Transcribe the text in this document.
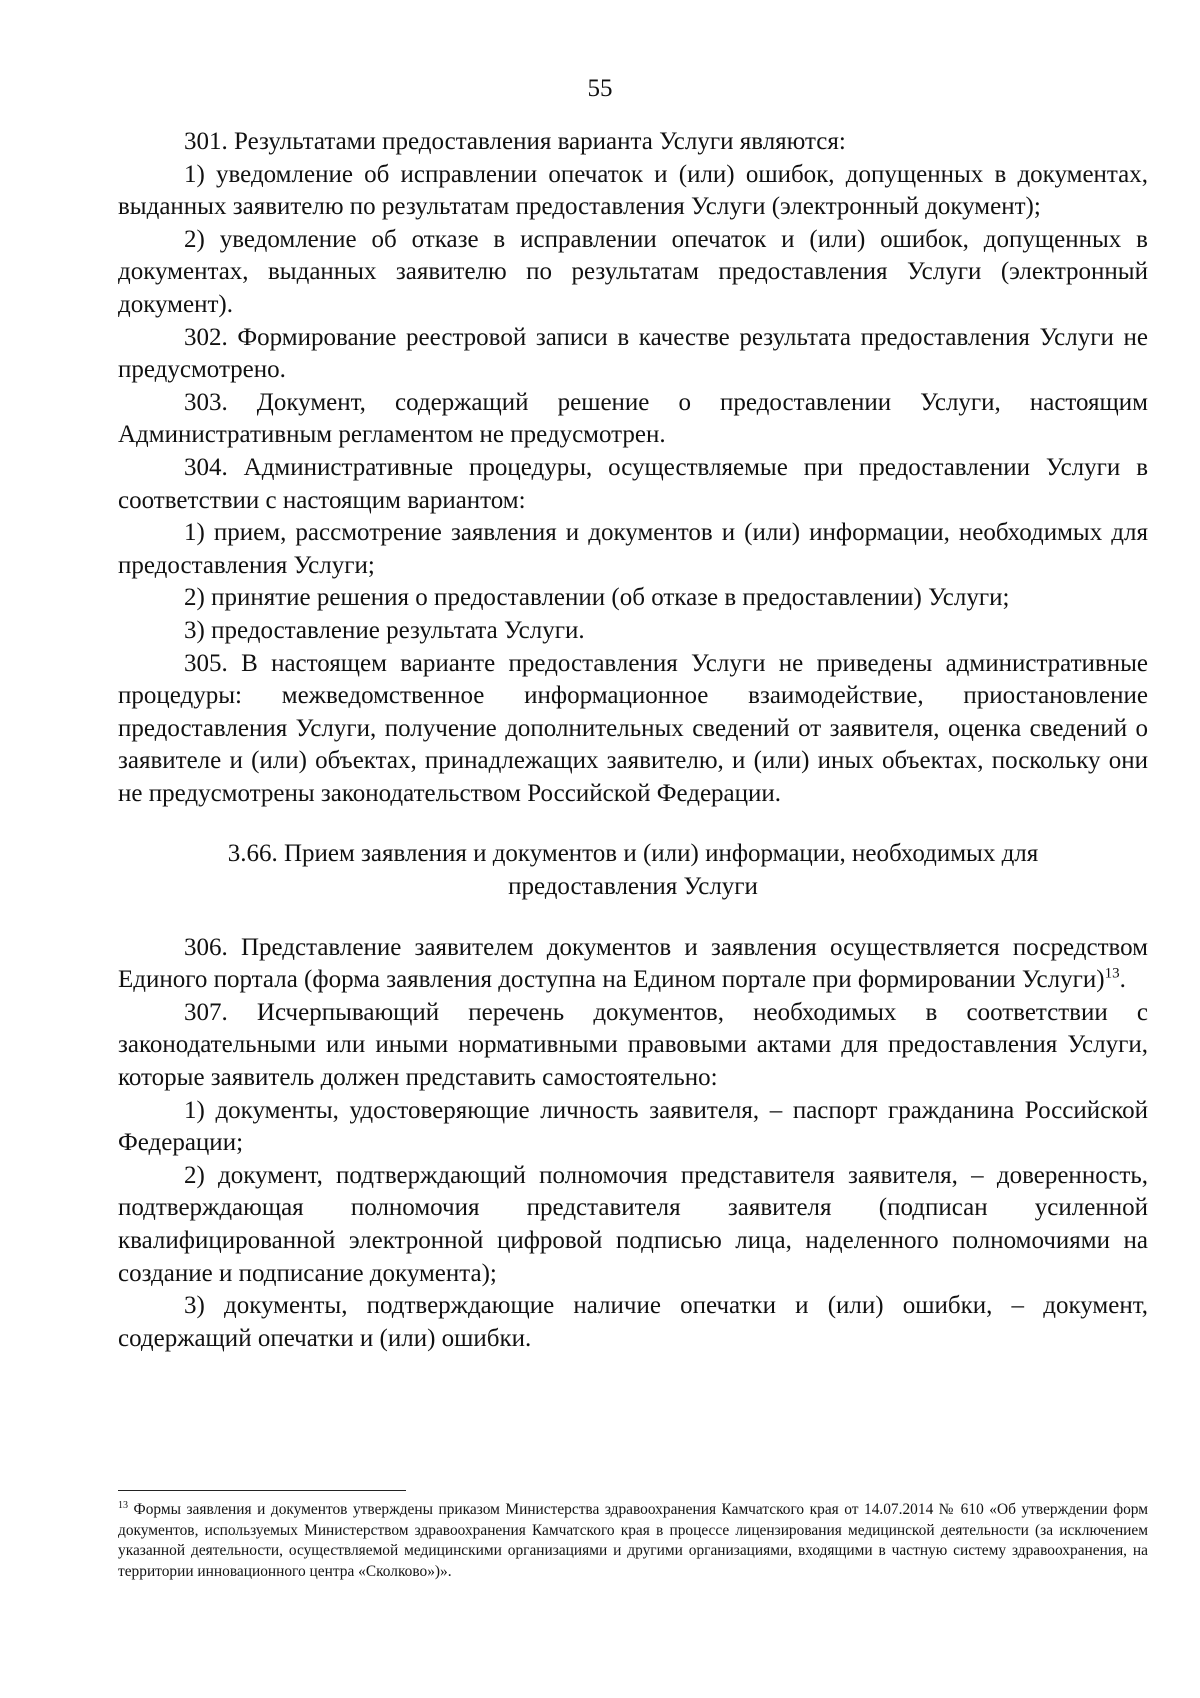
55

301. Результатами предоставления варианта Услуги являются:

1) уведомление об исправлении опечаток и (или) ошибок, допущенных в документах, выданных заявителю по результатам предоставления Услуги (электронный документ);

2) уведомление об отказе в исправлении опечаток и (или) ошибок, допущенных в документах, выданных заявителю по результатам предоставления Услуги (электронный документ).

302. Формирование реестровой записи в качестве результата предоставления Услуги не предусмотрено.

303. Документ, содержащий решение о предоставлении Услуги, настоящим Административным регламентом не предусмотрен.

304. Административные процедуры, осуществляемые при предоставлении Услуги в соответствии с настоящим вариантом:

1) прием, рассмотрение заявления и документов и (или) информации, необходимых для предоставления Услуги;

2) принятие решения о предоставлении (об отказе в предоставлении) Услуги;

3) предоставление результата Услуги.

305. В настоящем варианте предоставления Услуги не приведены административные процедуры: межведомственное информационное взаимодействие, приостановление предоставления Услуги, получение дополнительных сведений от заявителя, оценка сведений о заявителе и (или) объектах, принадлежащих заявителю, и (или) иных объектах, поскольку они не предусмотрены законодательством Российской Федерации.

3.66. Прием заявления и документов и (или) информации, необходимых для
предоставления Услуги

306. Представление заявителем документов и заявления осуществляется посредством Единого портала (форма заявления доступна на Едином портале при формировании Услуги)$^{13}$.

307. Исчерпывающий перечень документов, необходимых в соответствии с законодательными или иными нормативными правовыми актами для предоставления Услуги, которые заявитель должен представить самостоятельно:

1) документы, удостоверяющие личность заявителя, – паспорт гражданина Российской Федерации;

2) документ, подтверждающий полномочия представителя заявителя, – доверенность, подтверждающая полномочия представителя заявителя (подписан усиленной квалифицированной электронной цифровой подписью лица, наделенного полномочиями на создание и подписание документа);

3) документы, подтверждающие наличие опечатки и (или) ошибки, – документ, содержащий опечатки и (или) ошибки.

$^{13}$ Формы заявления и документов утверждены приказом Министерства здравоохранения Камчатского края от 14.07.2014 № 610 «Об утверждении форм документов, используемых Министерством здравоохранения Камчатского края в процессе лицензирования медицинской деятельности (за исключением указанной деятельности, осуществляемой медицинскими организациями и другими организациями, входящими в частную систему здравоохранения, на территории инновационного центра «Сколково»)».
